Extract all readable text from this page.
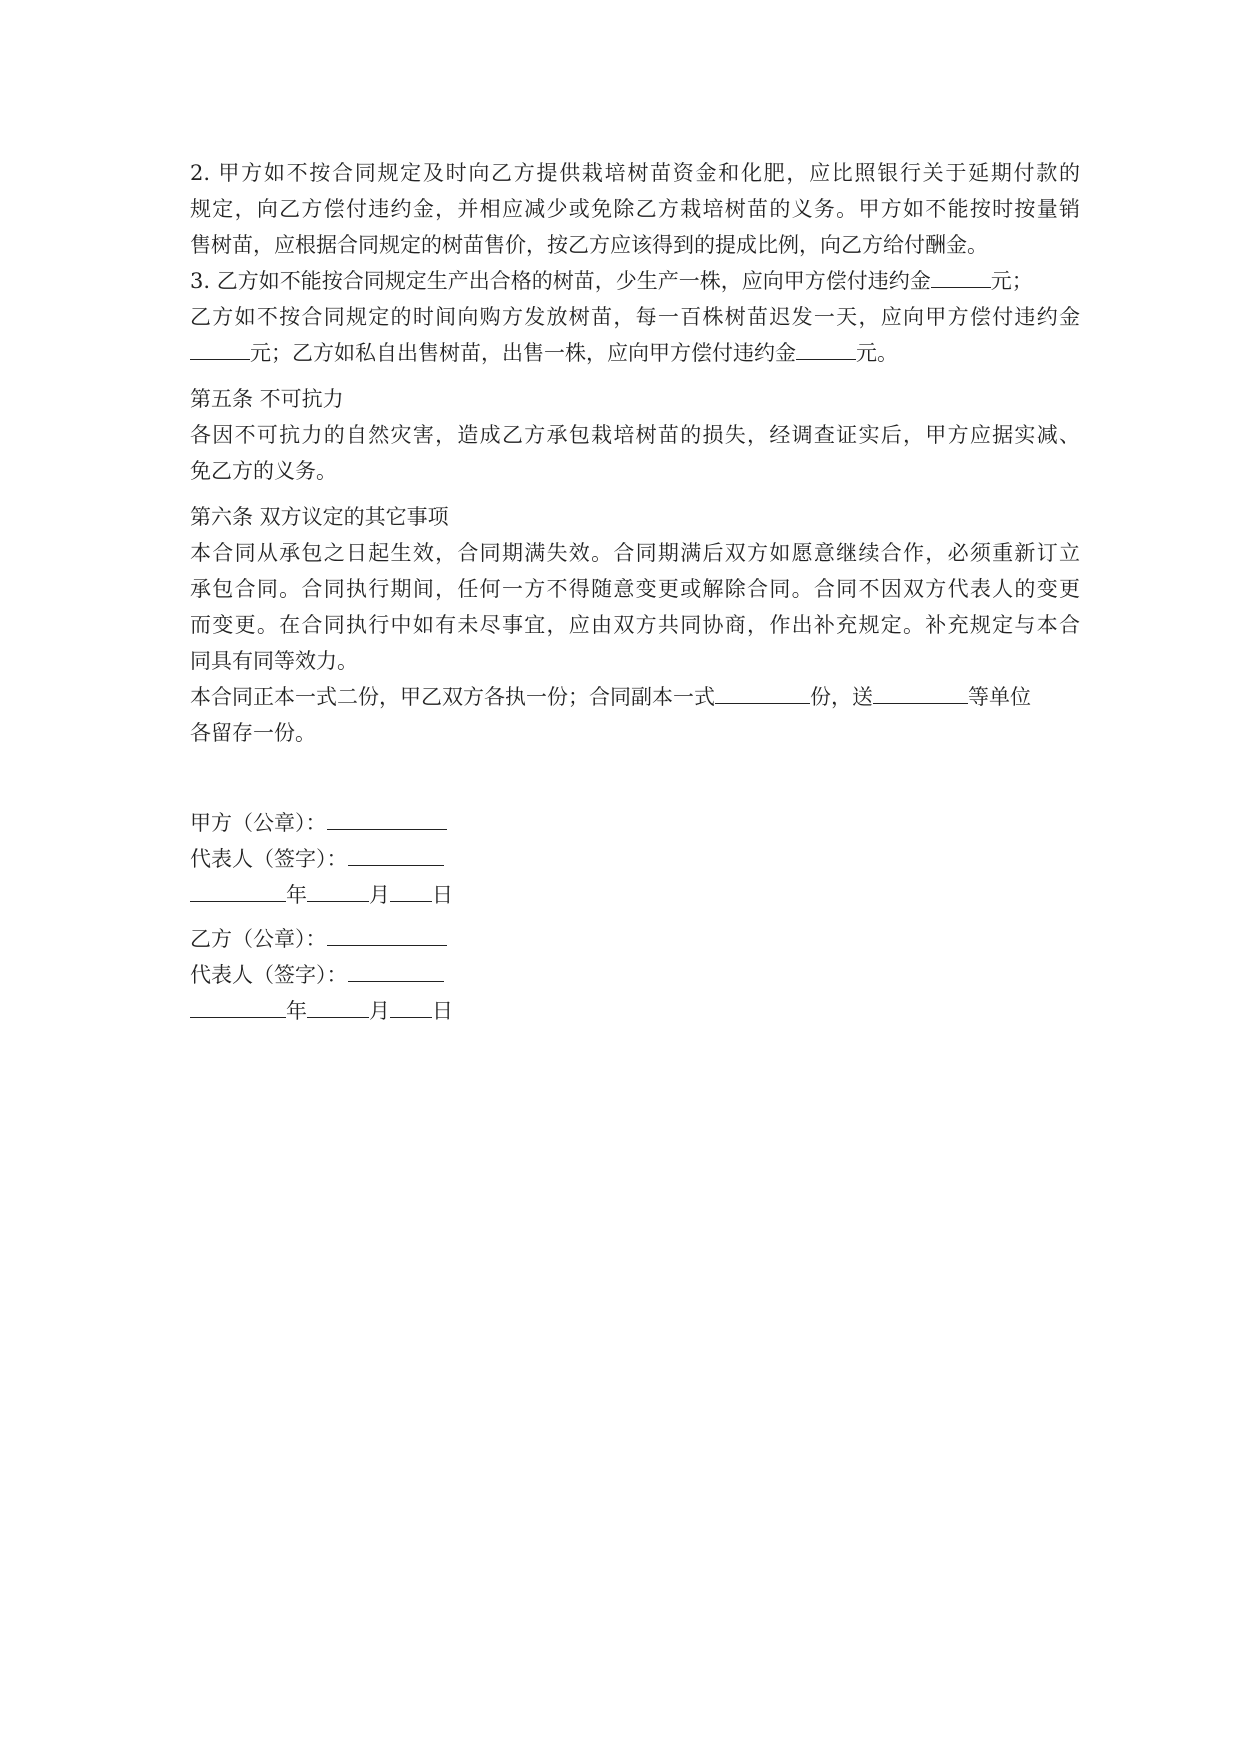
2. 甲方如不按合同规定及时向乙方提供栽培树苗资金和化肥，应比照银行关于延期付款的
规定，向乙方偿付违约金，并相应减少或免除乙方栽培树苗的义务。甲方如不能按时按量销
售树苗，应根据合同规定的树苗售价，按乙方应该得到的提成比例，向乙方给付酬金。
3. 乙方如不能按合同规定生产出合格的树苗，少生产一株，应向甲方偿付违约金	元；
乙方如不按合同规定的时间向购方发放树苗，每一百株树苗迟发一天，应向甲方偿付违约金
元；乙方如私自出售树苗，出售一株，应向甲方偿付违约金	元。
第五条 不可抗力
各因不可抗力的自然灾害，造成乙方承包栽培树苗的损失，经调查证实后，甲方应据实减、
免乙方的义务。
第六条 双方议定的其它事项
本合同从承包之日起生效，合同期满失效。合同期满后双方如愿意继续合作，必须重新订立
承包合同。合同执行期间，任何一方不得随意变更或解除合同。合同不因双方代表人的变更
而变更。在合同执行中如有未尽事宜，应由双方共同协商，作出补充规定。补充规定与本合
同具有同等效力。
本合同正本一式二份，甲乙双方各执一份；合同副本一式	份，送	等单位
各留存一份。
甲方（公章）：
代表人（签字）：
年	月 日
乙方（公章）：
代表人（签字）：
年	月 日
